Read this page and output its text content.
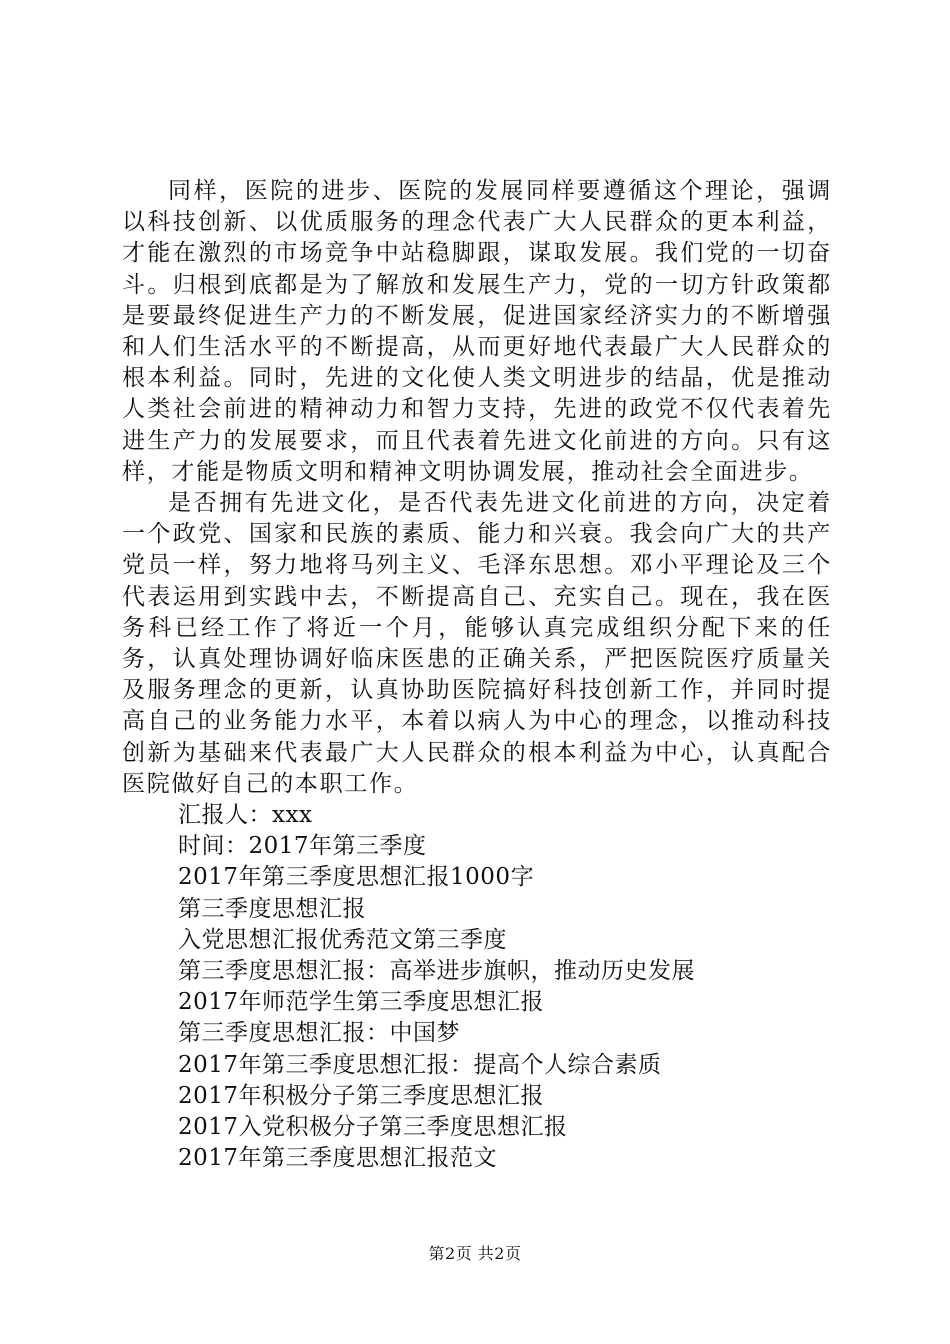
同样，医院的进步、医院的发展同样要遵循这个理论，强调以科技创新、以优质服务的理念代表广大人民群众的更本利益，才能在激烈的市场竞争中站稳脚跟，谋取发展。我们党的一切奋斗。归根到底都是为了解放和发展生产力，党的一切方针政策都是要最终促进生产力的不断发展，促进国家经济实力的不断增强和人们生活水平的不断提高，从而更好地代表最广大人民群众的根本利益。同时，先进的文化使人类文明进步的结晶，优是推动人类社会前进的精神动力和智力支持，先进的政党不仅代表着先进生产力的发展要求，而且代表着先进文化前进的方向。只有这样，才能是物质文明和精神文明协调发展，推动社会全面进步。

是否拥有先进文化，是否代表先进文化前进的方向，决定着一个政党、国家和民族的素质、能力和兴衰。我会向广大的共产党员一样，努力地将马列主义、毛泽东思想。邓小平理论及三个代表运用到实践中去，不断提高自己、充实自己。现在，我在医务科已经工作了将近一个月，能够认真完成组织分配下来的任务，认真处理协调好临床医患的正确关系，严把医院医疗质量关及服务理念的更新，认真协助医院搞好科技创新工作，并同时提高自己的业务能力水平，本着以病人为中心的理念，以推动科技创新为基础来代表最广大人民群众的根本利益为中心，认真配合医院做好自己的本职工作。

汇报人：xxx
时间：2017年第三季度
2017年第三季度思想汇报1000字
第三季度思想汇报
入党思想汇报优秀范文第三季度
第三季度思想汇报：高举进步旗帜，推动历史发展
2017年师范学生第三季度思想汇报
第三季度思想汇报：中国梦
2017年第三季度思想汇报：提高个人综合素质
2017年积极分子第三季度思想汇报
2017入党积极分子第三季度思想汇报
2017年第三季度思想汇报范文
第2页 共2页
